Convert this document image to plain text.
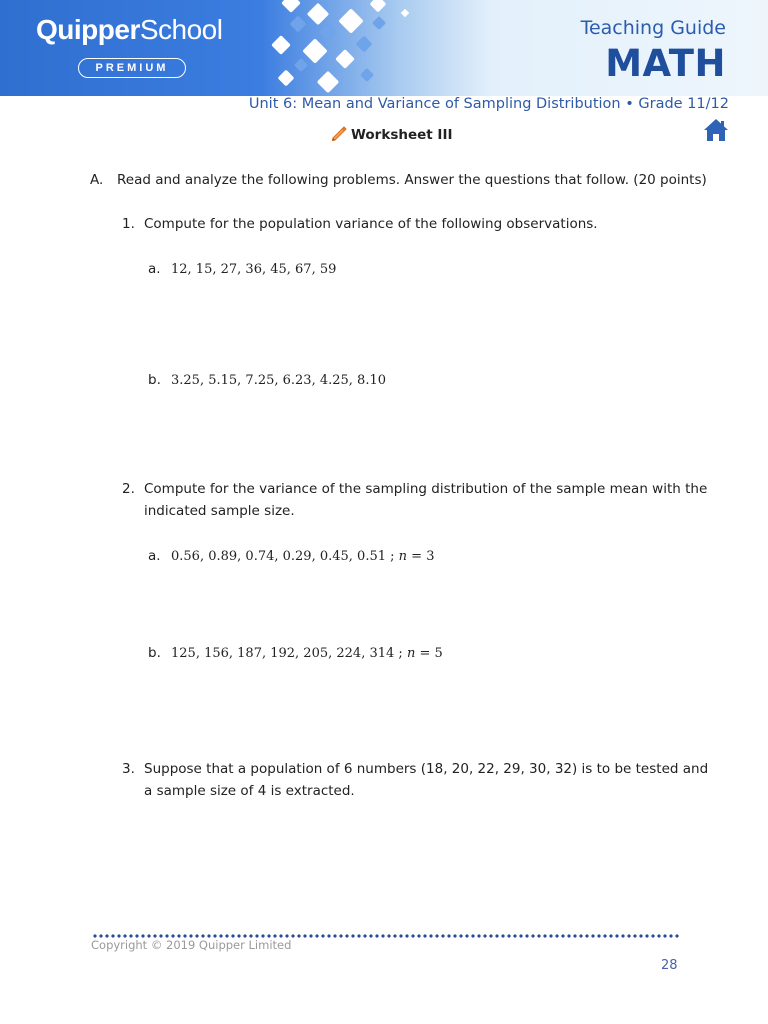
QuipperSchool
PREMIUM
Teaching Guide
MATH
Unit 6: Mean and Variance of Sampling Distribution • Grade 11/12
Worksheet III
A. Read and analyze the following problems. Answer the questions that follow. (20 points)
1. Compute for the population variance of the following observations.
a. 12, 15, 27, 36, 45, 67, 59
b. 3.25, 5.15, 7.25, 6.23, 4.25, 8.10
2. Compute for the variance of the sampling distribution of the sample mean with the
indicated sample size.
a. 0.56, 0.89, 0.74, 0.29, 0.45, 0.51 ; n = 3
b. 125, 156, 187, 192, 205, 224, 314 ; n = 5
3. Suppose that a population of 6 numbers (18, 20, 22, 29, 30, 32) is to be tested and
a sample size of 4 is extracted.
Copyright © 2019 Quipper Limited
28
